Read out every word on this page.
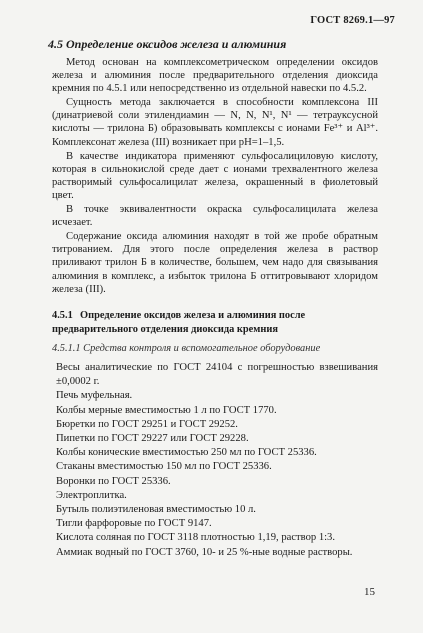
ГОСТ 8269.1—97
4.5 Определение оксидов железа и алюминия

Метод основан на комплексометрическом определении оксидов железа и алюминия после предварительного отделения диоксида кремния по 4.5.1 или непосредственно из отдельной навески по 4.5.2.

Сущность метода заключается в способности комплексона III (динатриевой соли этилендиамин — N, N, N¹, N¹ — тетрауксусной кислоты — трилона Б) образовывать комплексы с ионами Fe³⁺ и Al³⁺. Комплексонат железа (III) возникает при pH=1–1,5.

В качестве индикатора применяют сульфосалициловую кислоту, которая в сильнокислой среде дает с ионами трехвалентного железа растворимый сульфосалицилат железа, окрашенный в фиолетовый цвет.

В точке эквивалентности окраска сульфосалицилата железа исчезает.

Содержание оксида алюминия находят в той же пробе обратным титрованием. Для этого после определения железа в раствор приливают трилон Б в количестве, большем, чем надо для связывания алюминия в комплекс, а избыток трилона Б оттитровывают хлоридом железа (III).

4.5.1 Определение оксидов железа и алюминия после предварительного отделения диоксида кремния
4.5.1.1 Средства контроля и вспомогательное оборудование

Весы аналитические по ГОСТ 24104 с погрешностью взвешивания ±0,0002 г.

Печь муфельная.

Колбы мерные вместимостью 1 л по ГОСТ 1770.

Бюретки по ГОСТ 29251 и ГОСТ 29252.

Пипетки по ГОСТ 29227 или ГОСТ 29228.

Колбы конические вместимостью 250 мл по ГОСТ 25336.

Стаканы вместимостью 150 мл по ГОСТ 25336.

Воронки по ГОСТ 25336.

Электроплитка.

Бутыль полиэтиленовая вместимостью 10 л.

Тигли фарфоровые по ГОСТ 9147.

Кислота соляная по ГОСТ 3118 плотностью 1,19, раствор 1:3.

Аммиак водный по ГОСТ 3760, 10- и 25 %-ные водные растворы.

15
